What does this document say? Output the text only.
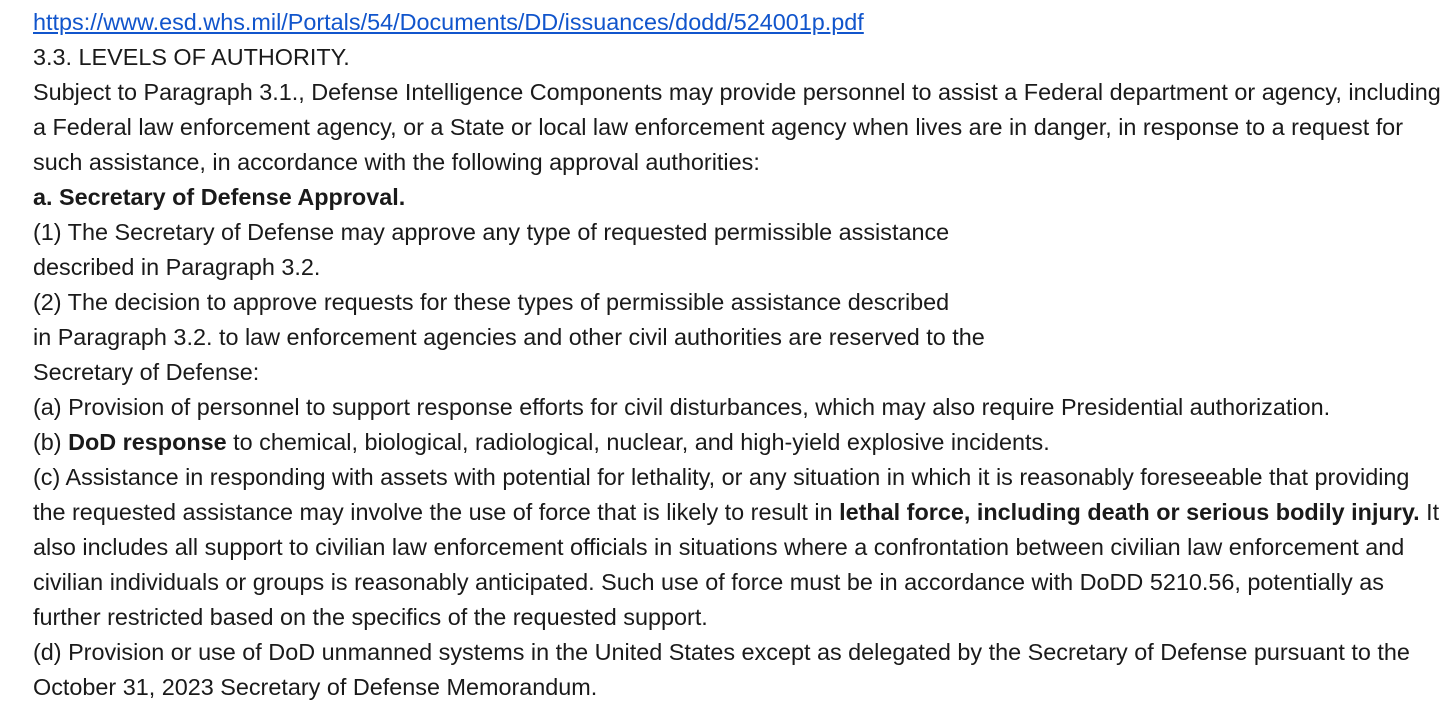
https://www.esd.whs.mil/Portals/54/Documents/DD/issuances/dodd/524001p.pdf
3.3. LEVELS OF AUTHORITY.
Subject to Paragraph 3.1., Defense Intelligence Components may provide personnel to assist a Federal department or agency, including
a Federal law enforcement agency, or a State or local law enforcement agency when lives are in danger, in response to a request for
such assistance, in accordance with the following approval authorities:
a. Secretary of Defense Approval.
(1) The Secretary of Defense may approve any type of requested permissible assistance
described in Paragraph 3.2.
(2) The decision to approve requests for these types of permissible assistance described
in Paragraph 3.2. to law enforcement agencies and other civil authorities are reserved to the
Secretary of Defense:
(a) Provision of personnel to support response efforts for civil disturbances, which may also require Presidential authorization.
(b) DoD response to chemical, biological, radiological, nuclear, and high-yield explosive incidents.
(c) Assistance in responding with assets with potential for lethality, or any situation in which it is reasonably foreseeable that providing
the requested assistance may involve the use of force that is likely to result in lethal force, including death or serious bodily injury. It
also includes all support to civilian law enforcement officials in situations where a confrontation between civilian law enforcement and
civilian individuals or groups is reasonably anticipated. Such use of force must be in accordance with DoDD 5210.56, potentially as
further restricted based on the specifics of the requested support.
(d) Provision or use of DoD unmanned systems in the United States except as delegated by the Secretary of Defense pursuant to the
October 31, 2023 Secretary of Defense Memorandum.
